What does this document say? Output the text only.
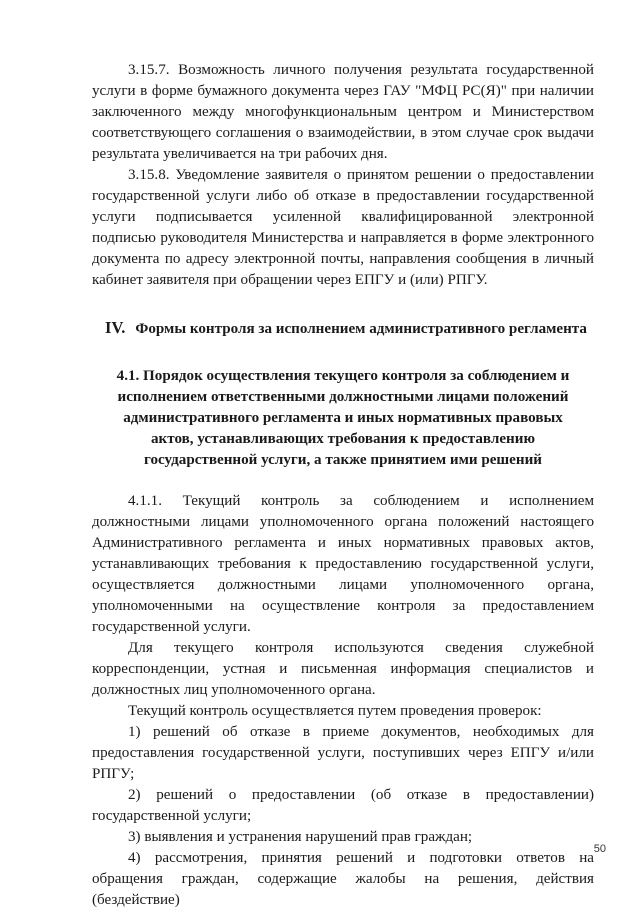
3.15.7. Возможность личного получения результата государственной услуги в форме бумажного документа через ГАУ "МФЦ РС(Я)" при наличии заключенного между многофункциональным центром и Министерством соответствующего соглашения о взаимодействии, в этом случае срок выдачи результата увеличивается на три рабочих дня.

3.15.8. Уведомление заявителя о принятом решении о предоставлении государственной услуги либо об отказе в предоставлении государственной услуги подписывается усиленной квалифицированной электронной подписью руководителя Министерства и направляется в форме электронного документа по адресу электронной почты, направления сообщения в личный кабинет заявителя при обращении через ЕПГУ и (или) РПГУ.

IV. Формы контроля за исполнением административного регламента
4.1. Порядок осуществления текущего контроля за соблюдением и исполнением ответственными должностными лицами положений административного регламента и иных нормативных правовых актов, устанавливающих требования к предоставлению государственной услуги, а также принятием ими решений

4.1.1. Текущий контроль за соблюдением и исполнением должностными лицами уполномоченного органа положений настоящего Административного регламента и иных нормативных правовых актов, устанавливающих требования к предоставлению государственной услуги, осуществляется должностными лицами уполномоченного органа, уполномоченными на осуществление контроля за предоставлением государственной услуги.

Для текущего контроля используются сведения служебной корреспонденции, устная и письменная информация специалистов и должностных лиц уполномоченного органа.

Текущий контроль осуществляется путем проведения проверок:

1) решений об отказе в приеме документов, необходимых для предоставления государственной услуги, поступивших через ЕПГУ и/или РПГУ;

2) решений о предоставлении (об отказе в предоставлении) государственной услуги;

3) выявления и устранения нарушений прав граждан;

4) рассмотрения, принятия решений и подготовки ответов на обращения граждан, содержащие жалобы на решения, действия (бездействие)

50
